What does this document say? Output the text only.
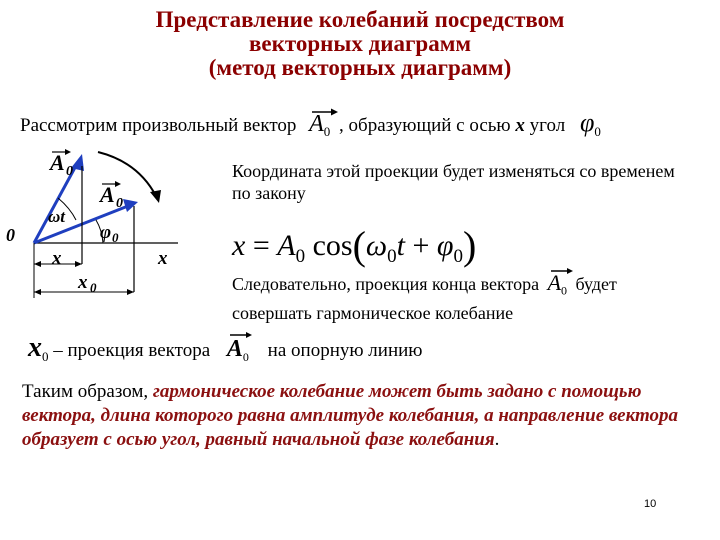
Представление колебаний посредством
векторных диаграмм
(метод векторных диаграмм)
Рассмотрим произвольный вектор $A_0$ , образующий с осью x угол $\varphi_0$
A 0
A 0
ωt
φ 0
0
x
x
x 0
Координата этой проекции будет изменяться со временем по закону
$x = A_0$ $\cos(\omega_0t + \varphi_0)$
Следовательно, проекция конца вектора $A_0$ будет
совершать гармоническое колебание
$x_0$ – проекция вектора $A_0$ на опорную линию
Таким образом, гармоническое колебание может быть задано с помощью вектора, длина которого равна амплитуде колебания, а направление вектора образует с осью угол, равный начальной фазе колебания.
10
